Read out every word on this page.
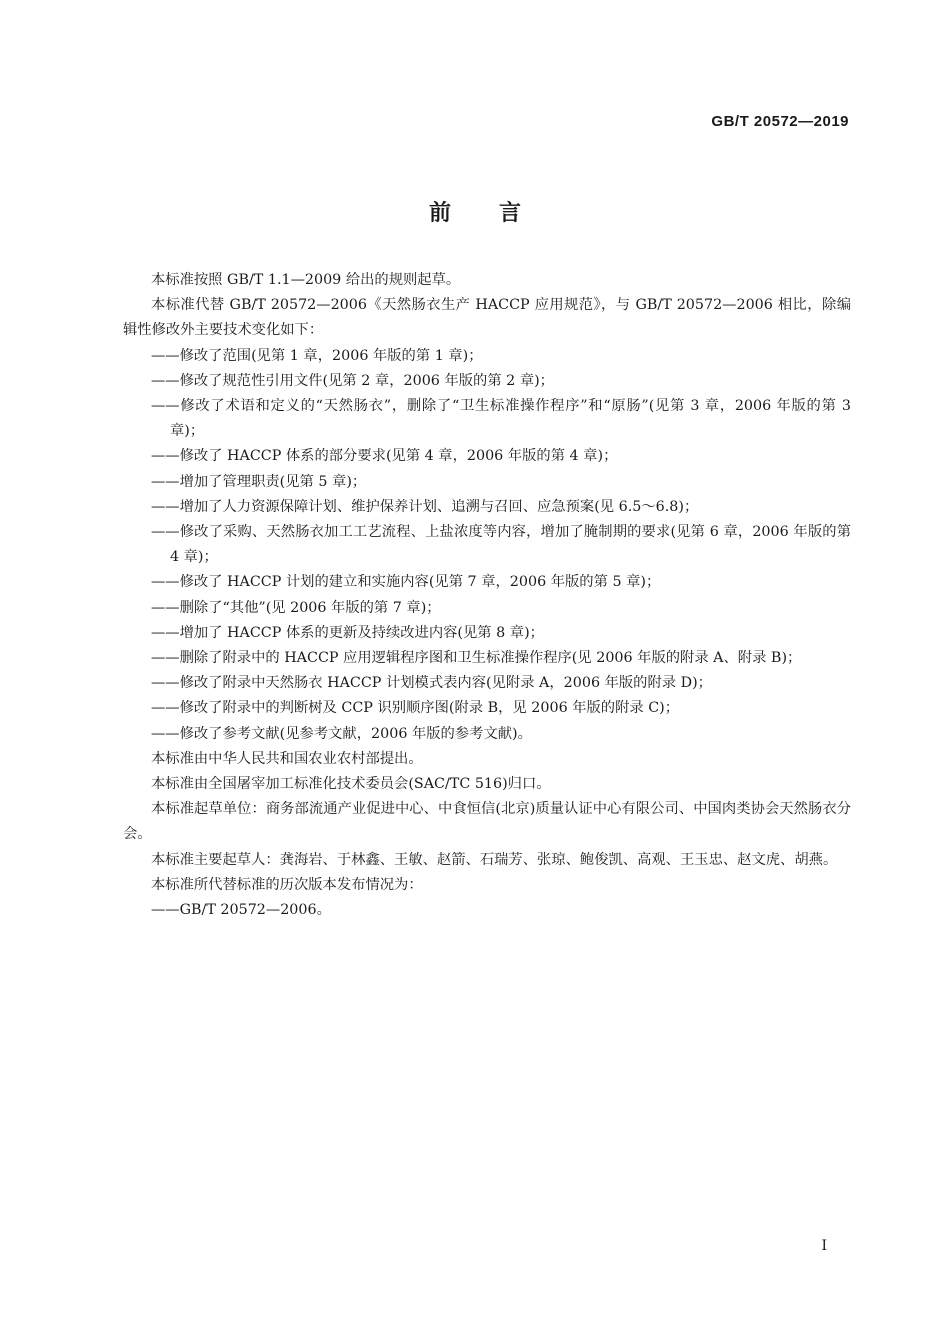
GB/T 20572—2019
前 言

本标准按照 GB/T 1.1—2009 给出的规则起草。

本标准代替 GB/T 20572—2006《天然肠衣生产 HACCP 应用规范》，与 GB/T 20572—2006 相比，除编辑性修改外主要技术变化如下：

——修改了范围(见第 1 章，2006 年版的第 1 章)；

——修改了规范性引用文件(见第 2 章，2006 年版的第 2 章)；

——修改了术语和定义的“天然肠衣”，删除了“卫生标准操作程序”和“原肠”(见第 3 章，2006 年版的第 3 章)；

——修改了 HACCP 体系的部分要求(见第 4 章，2006 年版的第 4 章)；

——增加了管理职责(见第 5 章)；

——增加了人力资源保障计划、维护保养计划、追溯与召回、应急预案(见 6.5～6.8)；

——修改了采购、天然肠衣加工工艺流程、上盐浓度等内容，增加了腌制期的要求(见第 6 章，2006 年版的第 4 章)；

——修改了 HACCP 计划的建立和实施内容(见第 7 章，2006 年版的第 5 章)；

——删除了“其他”(见 2006 年版的第 7 章)；

——增加了 HACCP 体系的更新及持续改进内容(见第 8 章)；

——删除了附录中的 HACCP 应用逻辑程序图和卫生标准操作程序(见 2006 年版的附录 A、附录 B)；

——修改了附录中天然肠衣 HACCP 计划模式表内容(见附录 A，2006 年版的附录 D)；

——修改了附录中的判断树及 CCP 识别顺序图(附录 B，见 2006 年版的附录 C)；

——修改了参考文献(见参考文献，2006 年版的参考文献)。

本标准由中华人民共和国农业农村部提出。

本标准由全国屠宰加工标准化技术委员会(SAC/TC 516)归口。

本标准起草单位：商务部流通产业促进中心、中食恒信(北京)质量认证中心有限公司、中国肉类协会天然肠衣分会。

本标准主要起草人：龚海岩、于林鑫、王敏、赵箭、石瑞芳、张琼、鲍俊凯、高观、王玉忠、赵文虎、胡燕。

本标准所代替标准的历次版本发布情况为：

——GB/T 20572—2006。

I
